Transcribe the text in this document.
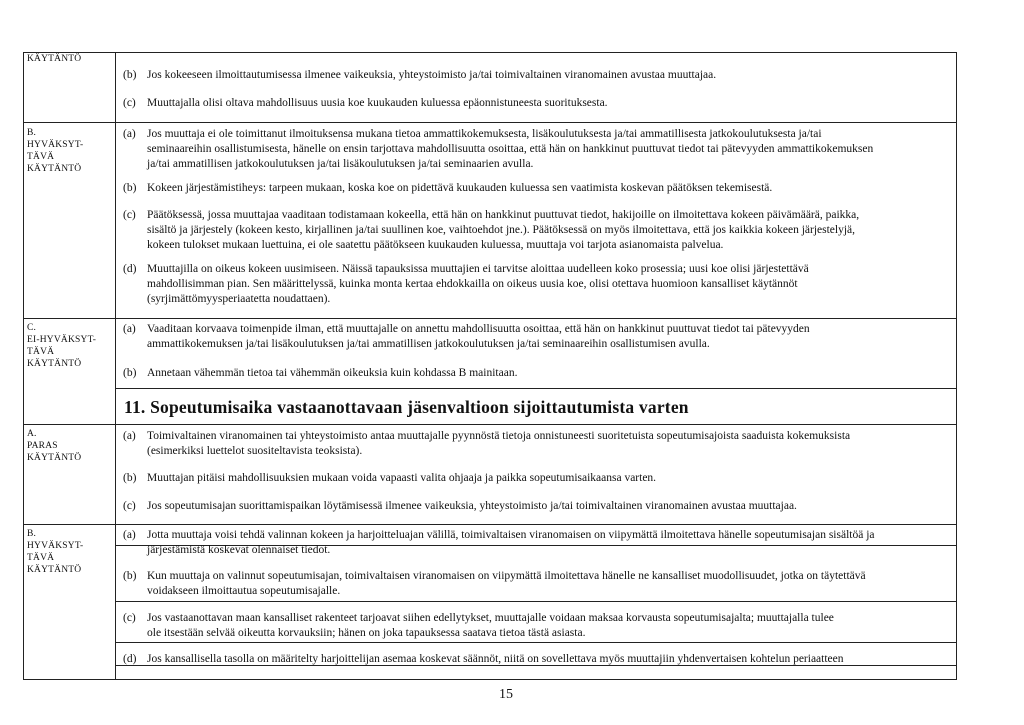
KÄYTÄNTÖ
B.
HYVÄKSYT-
TÄVÄ
KÄYTÄNTÖ
C.
EI-HYVÄKSYT-
TÄVÄ
KÄYTÄNTÖ
A.
PARAS
KÄYTÄNTÖ
B.
HYVÄKSYT-
TÄVÄ
KÄYTÄNTÖ
(b) Jos kokeeseen ilmoittautumisessa ilmenee vaikeuksia, yhteystoimisto ja/tai toimivaltainen viranomainen avustaa muuttajaa.
(c) Muuttajalla olisi oltava mahdollisuus uusia koe kuukauden kuluessa epäonnistuneesta suorituksesta.
(a) Jos muuttaja ei ole toimittanut ilmoituksensa mukana tietoa ammattikokemuksesta, lisäkoulutuksesta ja/tai ammatillisesta jatkokoulutuksesta ja/tai
seminaareihin osallistumisesta, hänelle on ensin tarjottava mahdollisuutta osoittaa, että hän on hankkinut puuttuvat tiedot tai pätevyyden ammattikokemuksen
ja/tai ammatillisen jatkokoulutuksen ja/tai lisäkoulutuksen ja/tai seminaarien avulla.
(b) Kokeen järjestämistiheys: tarpeen mukaan, koska koe on pidettävä kuukauden kuluessa sen vaatimista koskevan päätöksen tekemisestä.
(c) Päätöksessä, jossa muuttajaa vaaditaan todistamaan kokeella, että hän on hankkinut puuttuvat tiedot, hakijoille on ilmoitettava kokeen päivämäärä, paikka,
sisältö ja järjestely (kokeen kesto, kirjallinen ja/tai suullinen koe, vaihtoehdot jne.). Päätöksessä on myös ilmoitettava, että jos kaikkia kokeen järjestelyjä,
kokeen tulokset mukaan luettuina, ei ole saatettu päätökseen kuukauden kuluessa, muuttaja voi tarjota asianomaista palvelua.
(d) Muuttajilla on oikeus kokeen uusimiseen. Näissä tapauksissa muuttajien ei tarvitse aloittaa uudelleen koko prosessia; uusi koe olisi järjestettävä
mahdollisimman pian. Sen määrittelyssä, kuinka monta kertaa ehdokkailla on oikeus uusia koe, olisi otettava huomioon kansalliset käytännöt
(syrjimättömyysperiaatetta noudattaen).
(a) Vaaditaan korvaava toimenpide ilman, että muuttajalle on annettu mahdollisuutta osoittaa, että hän on hankkinut puuttuvat tiedot tai pätevyyden
ammattikokemuksen ja/tai lisäkoulutuksen ja/tai ammatillisen jatkokoulutuksen ja/tai seminaareihin osallistumisen avulla.
(b) Annetaan vähemmän tietoa tai vähemmän oikeuksia kuin kohdassa B mainitaan.
11. Sopeutumisaika vastaanottavaan jäsenvaltioon sijoittautumista varten
(a) Toimivaltainen viranomainen tai yhteystoimisto antaa muuttajalle pyynnöstä tietoja onnistuneesti suoritetuista sopeutumisajoista saaduista kokemuksista
(esimerkiksi luettelot suositeltavista teoksista).
(b) Muuttajan pitäisi mahdollisuuksien mukaan voida vapaasti valita ohjaaja ja paikka sopeutumisaikaansa varten.
(c) Jos sopeutumisajan suorittamispaikan löytämisessä ilmenee vaikeuksia, yhteystoimisto ja/tai toimivaltainen viranomainen avustaa muuttajaa.
(a) Jotta muuttaja voisi tehdä valinnan kokeen ja harjoitteluajan välillä, toimivaltaisen viranomaisen on viipymättä ilmoitettava hänelle sopeutumisajan sisältöä ja
järjestämistä koskevat olennaiset tiedot.
(b) Kun muuttaja on valinnut sopeutumisajan, toimivaltaisen viranomaisen on viipymättä ilmoitettava hänelle ne kansalliset muodollisuudet, jotka on täytettävä
voidakseen ilmoittautua sopeutumisajalle.
(c) Jos vastaanottavan maan kansalliset rakenteet tarjoavat siihen edellytykset, muuttajalle voidaan maksaa korvausta sopeutumisajalta; muuttajalla tulee
ole itsestään selvää oikeutta korvauksiin; hänen on joka tapauksessa saatava tietoa tästä asiasta.
(d) Jos kansallisella tasolla on määritelty harjoittelijan asemaa koskevat säännöt, niitä on sovellettava myös muuttajiin yhdenvertaisen kohtelun periaatteen
15
